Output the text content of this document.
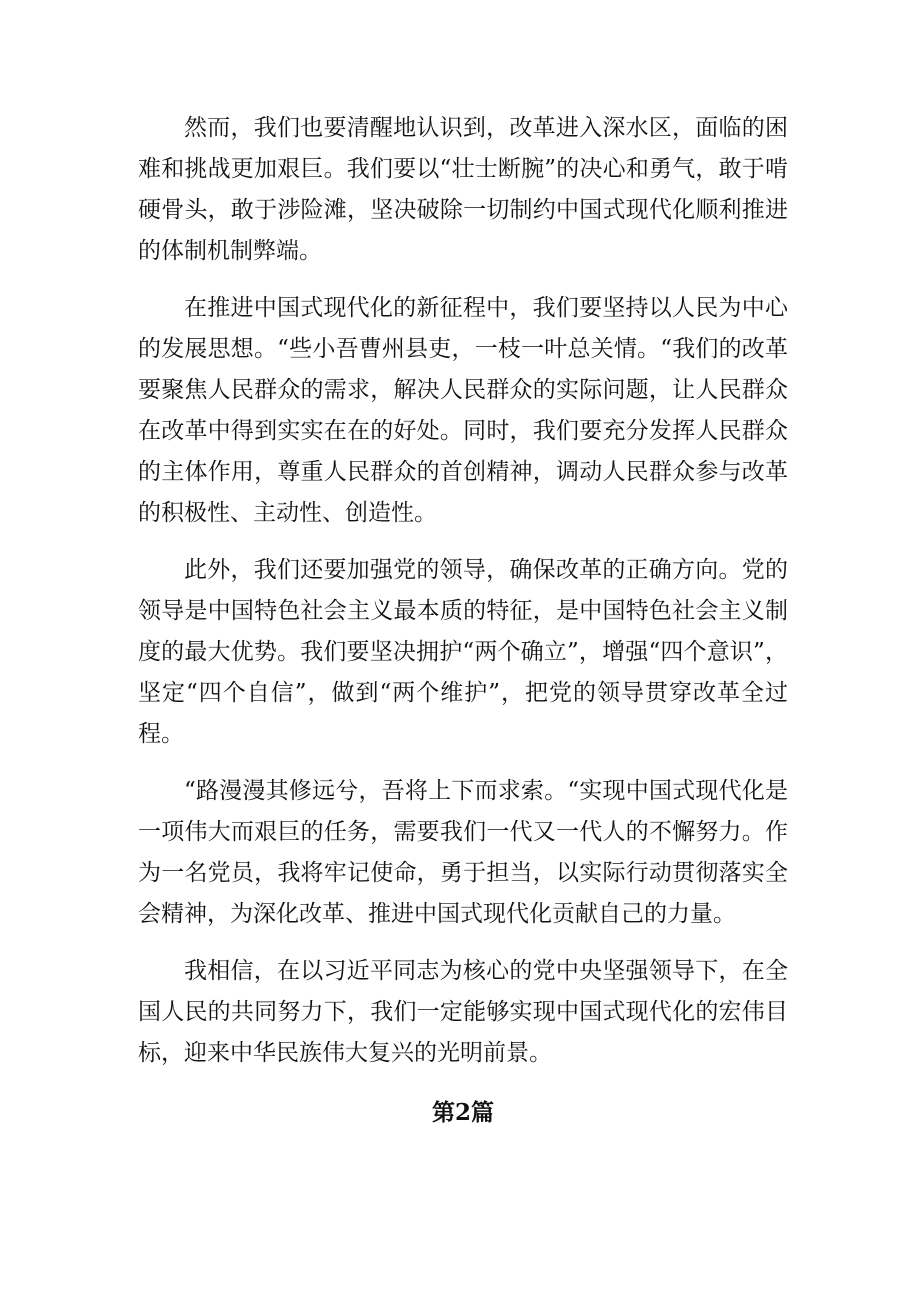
然而，我们也要清醒地认识到，改革进入深水区，面临的困难和挑战更加艰巨。我们要以“壮士断腕”的决心和勇气，敢于啃硬骨头，敢于涉险滩，坚决破除一切制约中国式现代化顺利推进的体制机制弊端。

在推进中国式现代化的新征程中，我们要坚持以人民为中心的发展思想。“些小吾曹州县吏，一枝一叶总关情。“我们的改革要聚焦人民群众的需求，解决人民群众的实际问题，让人民群众在改革中得到实实在在的好处。同时，我们要充分发挥人民群众的主体作用，尊重人民群众的首创精神，调动人民群众参与改革的积极性、主动性、创造性。

此外，我们还要加强党的领导，确保改革的正确方向。党的领导是中国特色社会主义最本质的特征，是中国特色社会主义制度的最大优势。我们要坚决拥护“两个确立”，增强“四个意识”，坚定“四个自信”，做到“两个维护”，把党的领导贯穿改革全过程。

“路漫漫其修远兮，吾将上下而求索。“实现中国式现代化是一项伟大而艰巨的任务，需要我们一代又一代人的不懈努力。作为一名党员，我将牢记使命，勇于担当，以实际行动贯彻落实全会精神，为深化改革、推进中国式现代化贡献自己的力量。

我相信，在以习近平同志为核心的党中央坚强领导下，在全国人民的共同努力下，我们一定能够实现中国式现代化的宏伟目标，迎来中华民族伟大复兴的光明前景。

第2篇
